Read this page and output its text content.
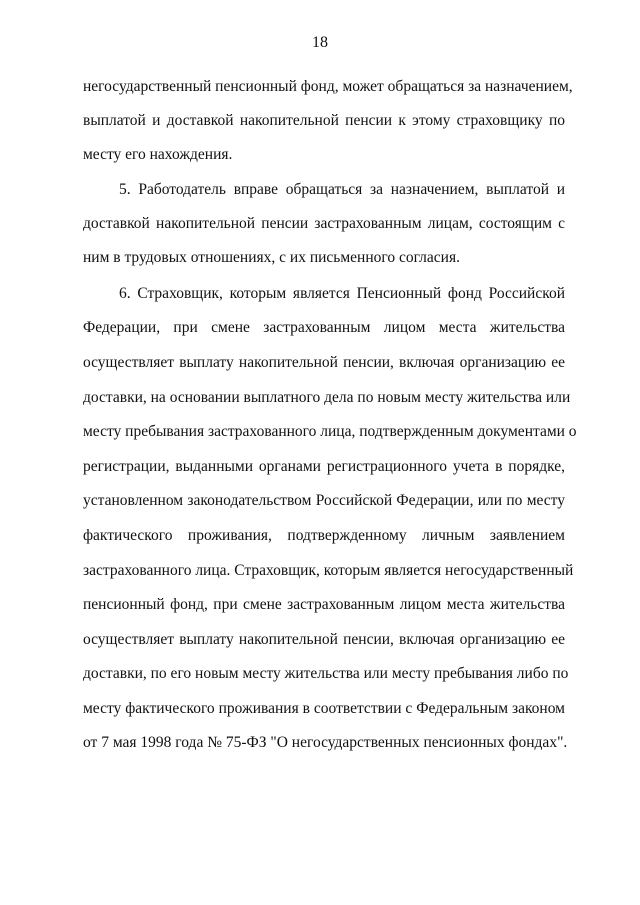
18
негосударственный пенсионный фонд, может обращаться за назначением,
выплатой и доставкой накопительной пенсии к этому страховщику по
месту его нахождения.
5. Работодатель вправе обращаться за назначением, выплатой и
доставкой накопительной пенсии застрахованным лицам, состоящим с
ним в трудовых отношениях, с их письменного согласия.
6. Страховщик, которым является Пенсионный фонд Российской
Федерации, при смене застрахованным лицом места жительства
осуществляет выплату накопительной пенсии, включая организацию ее
доставки, на основании выплатного дела по новым месту жительства или
месту пребывания застрахованного лица, подтвержденным документами о
регистрации, выданными органами регистрационного учета в порядке,
установленном законодательством Российской Федерации, или по месту
фактического проживания, подтвержденному личным заявлением
застрахованного лица. Страховщик, которым является негосударственный
пенсионный фонд, при смене застрахованным лицом места жительства
осуществляет выплату накопительной пенсии, включая организацию ее
доставки, по его новым месту жительства или месту пребывания либо по
месту фактического проживания в соответствии с Федеральным законом
от 7 мая 1998 года № 75-ФЗ "О негосударственных пенсионных фондах".
